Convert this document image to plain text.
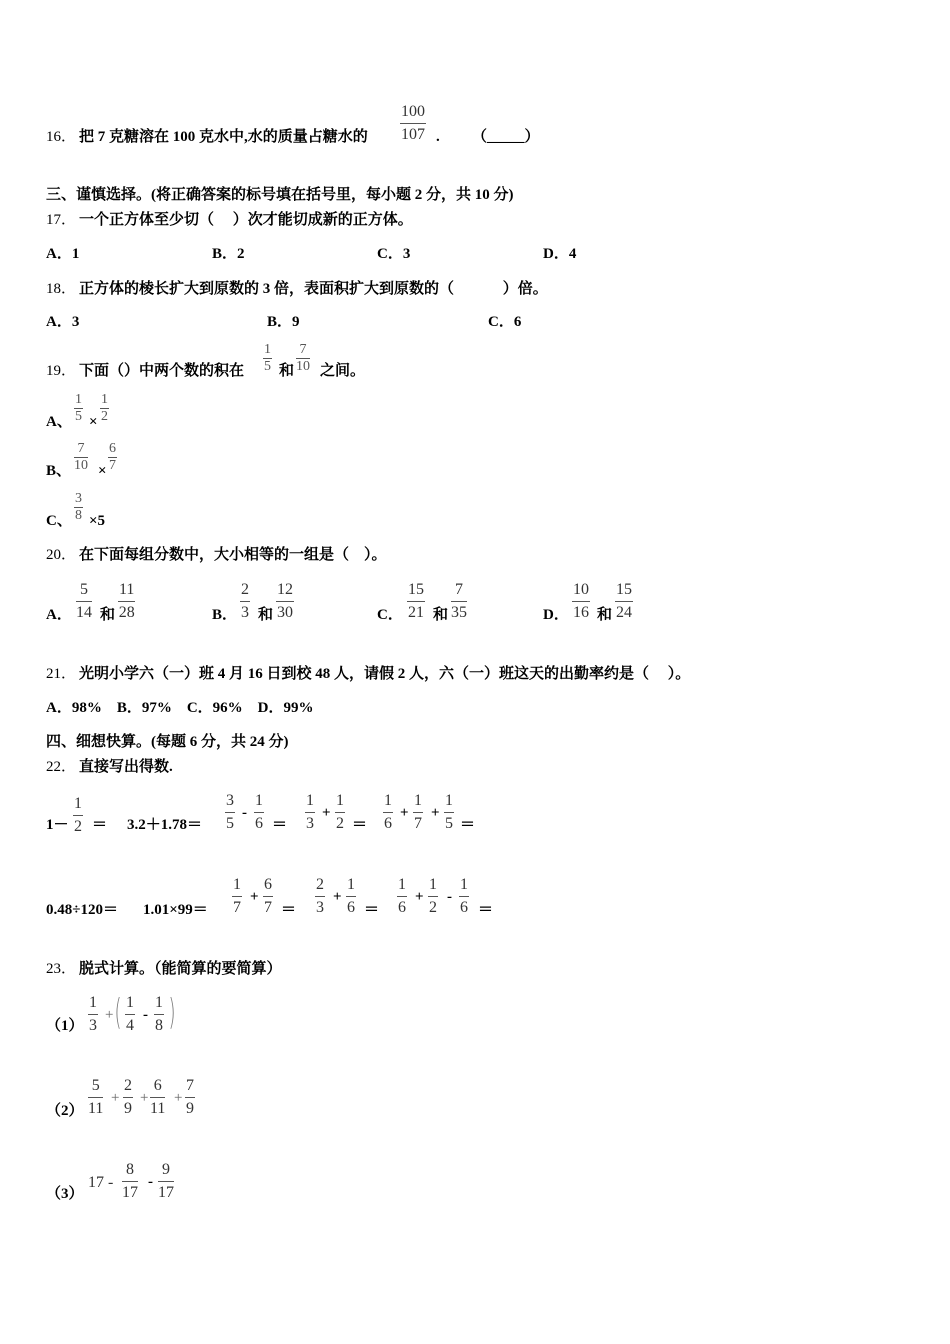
16． 把 7 克糖溶在 100 克水中,水的质量占糖水的
100
107 . （_____）
三、谨慎选择。(将正确答案的标号填在括号里，每小题 2 分，共 10 分)
17． 一个正方体至少切（　 ）次才能切成新的正方体。
A．1	B．2	C．3	D．4
18． 正方体的棱长扩大到原数的 3 倍，表面积扩大到原数的（　　　 ）倍。
A．3	B．9	C．6
19． 下面（）中两个数的积在
1
5 和
7
10 之间。
A、
1
5 ×
1
2
B、
7
10 ×
6
7
C、
3
8 ×5
20． 在下面每组分数中，大小相等的一组是（　）。
A．
5
14 和
11
28	B．
2
3 和
12
30	C．
15
21 和
7
35	D．
10
16 和
15
24
21． 光明小学六（一）班 4 月 16 日到校 48 人，请假 2 人，六（一）班这天的出勤率约是（　 ）。
A．98%　B．97%　C．96%　D．99%
四、细想快算。(每题 6 分，共 24 分)
22． 直接写出得数.
1－
1
2 ＝ 3.2＋1.78＝
3
5
-
1
6 ＝
1
3
+
1
2 ＝
1
6
+
1
7
+
1
5 ＝
0.48÷120＝ 1.01×99＝
1
7
+
6
7 ＝
2
3
+
1
6 ＝
1
6
+
1
2
-
1
6 ＝
23． 脱式计算。（能简算的要简算）
（1）
1
3
+ ( 1
4
-
1
8 )
（2）
5
11
+
2
9
+
6
11
+
7
9
（3）
17 -
8
17
-
9
17
